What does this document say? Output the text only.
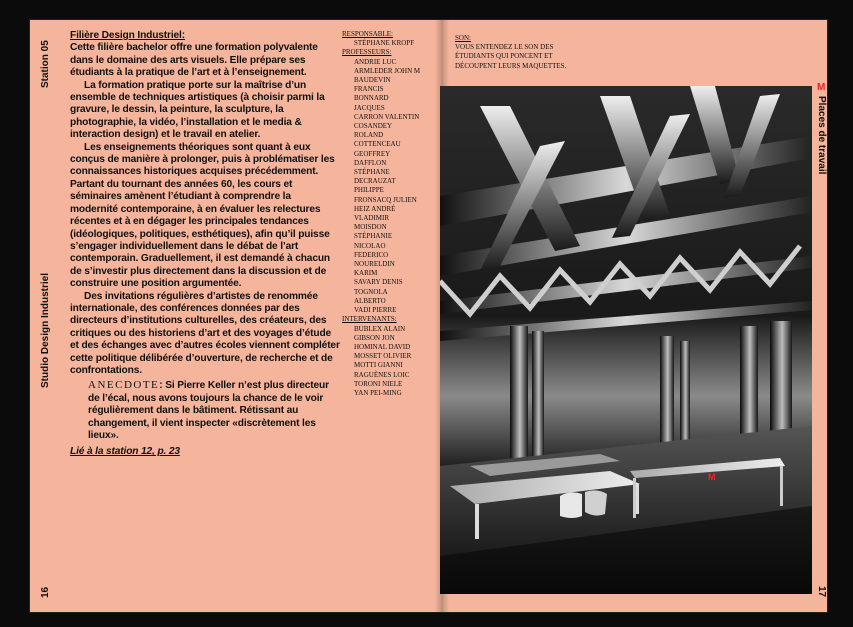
Station 05
Studio Design Industriel
16

Filière Design Industriel:
Cette filière bachelor offre une formation polyvalente dans le domaine des arts visuels. Elle prépare ses étudiants à la pratique de l’art et à l’enseignement.

La formation pratique porte sur la maîtrise d’un ensemble de techniques artistiques (à choisir parmi la gravure, le dessin, la peinture, la sculpture, la photographie, la vidéo, l’installation et le media & interaction design) et le travail en atelier.

Les enseignements théoriques sont quant à eux conçus de manière à prolonger, puis à problématiser les connaissances historiques acquises précédemment. Partant du tournant des années 60, les cours et séminaires amènent l’étudiant à comprendre la modernité contemporaine, à en évaluer les relectures récentes et à en dégager les principales tendances (idéologiques, politiques, esthétiques), afin qu’il puisse s’engager individuellement dans le débat de l’art contemporain. Graduellement, il est demandé à chacun de s’investir plus directement dans la discussion et de construire une position argumentée.

Des invitations régulières d’artistes de renommée internationale, des conférences données par des directeurs d’institutions culturelles, des créateurs, des critiques ou des historiens d’art et des voyages d’étude et des échanges avec d’autres écoles viennent compléter cette politique délibérée d’ouverture, de recherche et de confrontations.

ANECDOTE: Si Pierre Keller n’est plus directeur de l’écal, nous avons toujours la chance de le voir régulièrement dans le bâtiment. Rétissant au changement, il vient inspecter «discrètement les lieux».
Lié à la station 12, p. 23
RESPONSABLE:
STÉPHANE KROPF
PROFESSEURS:
ANDRIE LUC
ARMLEDER JOHN M
BAUDEVIN
FRANCIS
BONNARD
JACQUES
CARRON VALENTIN
COSANDEY
ROLAND
COTTENCEAU
GEOFFREY
DAFFLON
STÉPHANE
DECRAUZAT
PHILIPPE
FRONSACQ JULIEN
HEIZ ANDRÉ
VLADIMIR
MOISDON
STÉPHANIE
NICOLAO
FEDERICO
NOURELDIN
KARIM
SAVARY DENIS
TOGNOLA
ALBERTO
VADI PIERRE
INTERVENANTS:
BUBLEX ALAIN
GIBSON JON
HOMINAL DAVID
MOSSET OLIVIER
MOTTI GIANNI
RAGUÈNES LOIC
TORONI NIELE
YAN PEI-MING
SON:
VOUS ENTENDEZ LE SON DES ÉTUDIANTS QUI PONCENT ET DÉCOUPENT LEURS MAQUETTES.
M
M
Places de travail
17
